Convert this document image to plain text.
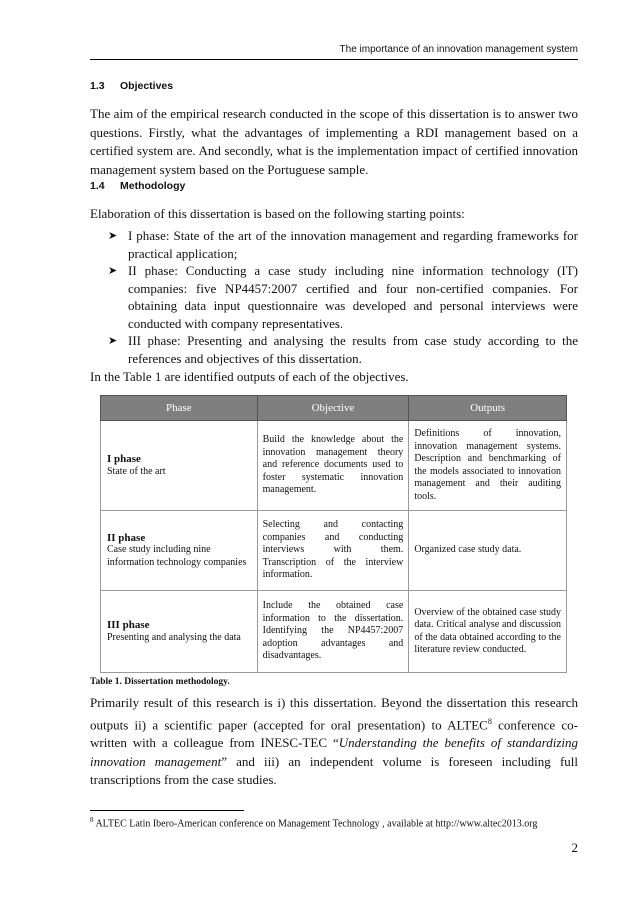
The importance of an innovation management system
1.3 Objectives

The aim of the empirical research conducted in the scope of this dissertation is to answer two questions. Firstly, what the advantages of implementing a RDI management based on a certified system are. And secondly, what is the implementation impact of certified innovation management system based on the Portuguese sample.

1.4 Methodology

Elaboration of this dissertation is based on the following starting points:

➤ I phase: State of the art of the innovation management and regarding frameworks for practical application;
➤ II phase: Conducting a case study including nine information technology (IT) companies: five NP4457:2007 certified and four non-certified companies. For obtaining data input questionnaire was developed and personal interviews were conducted with company representatives.
➤ III phase: Presenting and analysing the results from case study according to the references and objectives of this dissertation.

In the Table 1 are identified outputs of each of the objectives.

Phase	Objective	Outputs

I phase
State of the art	Build the knowledge about the innovation management theory and reference documents used to foster systematic innovation management.	Definitions of innovation, innovation management systems. Description and benchmarking of the models associated to innovation management and their auditing tools.

II phase
Case study including nine information technology companies	Selecting and contacting companies and conducting interviews with them. Transcription of the interview information.	Organized case study data.

III phase
Presenting and analysing the data	Include the obtained case information to the dissertation. Identifying the NP4457:2007 adoption advantages and disadvantages.	Overview of the obtained case study data. Critical analyse and discussion of the data obtained according to the literature review conducted.
Table 1. Dissertation methodology.

Primarily result of this research is i) this dissertation. Beyond the dissertation this research outputs ii) a scientific paper (accepted for oral presentation) to ALTEC$^8$ conference co-written with a colleague from INESC-TEC “Understanding the benefits of standardizing innovation management” and iii) an independent volume is foreseen including full transcriptions from the case studies.

$^8$ ALTEC Latin Ibero-American conference on Management Technology , available at http://www.altec2013.org
2
